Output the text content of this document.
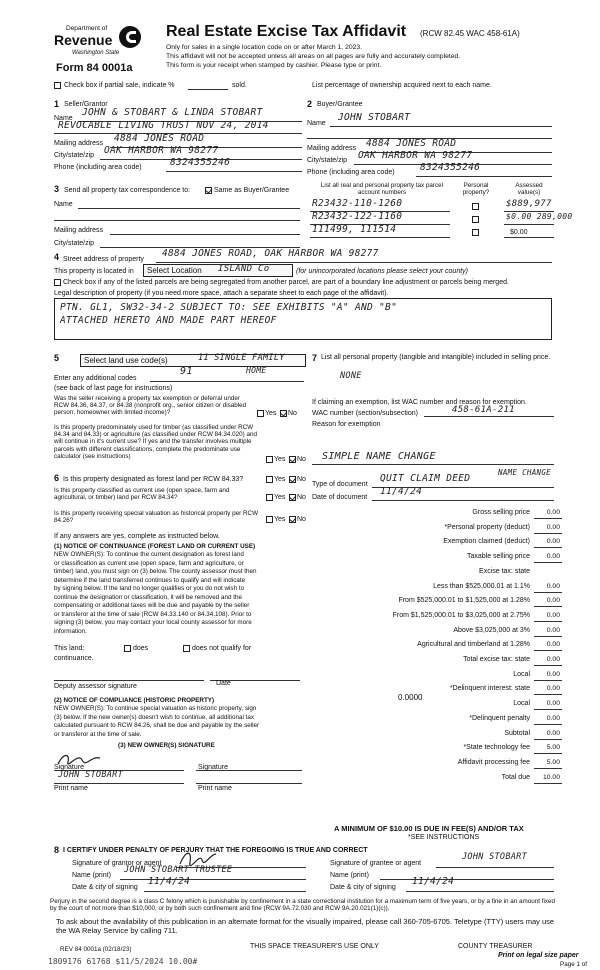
Department of
Revenue
Washington State
Form 84 0001a
Real Estate Excise Tax Affidavit (RCW 82.45 WAC 458-61A)
Only for sales in a single location code on or after March 1, 2023.
This affidavit will not be accepted unless all areas on all pages are fully and accurately completed.
This form is your receipt when stamped by cashier. Please type or print.
Check box if partial sale, indicate %	sold.	List percentage of ownership acquired next to each name.
1 Seller/Grantor
Name
JOHN & STOBART & LINDA STOBART
REVOCABLE LIVING TRUST NOV 24, 2014
Mailing address 4884 JONES ROAD
City/state/zip OAK HARBOR WA 98277
Phone (including area code)	8324355246
2 Buyer/Grantee
Name
JOHN STOBART
Mailing address 4884 JONES ROAD
City/state/zip OAK HARBOR WA 98277
Phone (including area code)	8324355246
3 Send all property tax correspondence to:	Same as Buyer/Grantee
Name
Mailing address
City/state/zip
List all real and personal property tax parcel account numbers
Personal property?
Assessed value(s)
R23432-110-1260	$889,977
R23432-122-1160	$0.00 289,000
111499, 111514	$0.00
4 Street address of property
4884 JONES ROAD, OAK HARBOR WA 98277
This property is located in Select Location ISLAND Co	(for unincorporated locations please select your county)
Check box if any of the listed parcels are being segregated from another parcel, are part of a boundary line adjustment or parcels being merged.
Legal description of property (if you need more space, attach a separate sheet to each page of the affidavit).
PTN. GL1, SW32-34-2 SUBJECT TO: SEE EXHIBITS "A" AND "B"
ATTACHED HERETO AND MADE PART HEREOF
5	Select land use code(s)	11 SINGLE FAMILY
91	HOME
Enter any additional codes
(see back of last page for instructions)
Was the seller receiving a property tax exemption or deferral under RCW 84.36, 84.37, or 84.38 (nonprofit org., senior citizen or disabled person, homeowner with limited income)?	Yes No
Is this property predominately used for timber (as classified under RCW 84.34 and 84.33) or agriculture (as classified under RCW 84.34.020) and will continue in it's current use? If yes and the transfer involves multiple parcels with different classifications, complete the predominate use calculator (see instructions)	Yes No
6 Is this property designated as forest land per RCW 84.33?	Yes No
Is this property classified as current use (open space, farm and agricultural, or timber) land per RCW 84.34?	Yes No
Is this property receiving special valuation as historical property per RCW 84.26?	Yes No
If any answers are yes, complete as instructed below.
(1) NOTICE OF CONTINUANCE (FOREST LAND OR CURRENT USE)
NEW OWNER(S): To continue the current designation as forest land
or classification as current use (open space, farm and agriculture, or
timber) land, you must sign on (3) below. The county assessor must then
determine if the land transferred continues to qualify and will indicate
by signing below. If the land no longer qualifies or you do not wish to
continue the designation or classification, it will be removed and the
compensating or additional taxes will be due and payable by the seller
or transferor at the time of sale (RCW 84.33.140 or 84.34.108). Prior to
signing (3) below, you may contact your local county assessor for more
information.
This land:	does	does not qualify for
continuance.
Deputy assessor signature	Date
(2) NOTICE OF COMPLIANCE (HISTORIC PROPERTY)
NEW OWNER(S): To continue special valuation as historic property, sign
(3) below. If the new owner(s) doesn't wish to continue, all additional tax
calculated pursuant to RCW 84.26, shall be due and payable by the seller
or transferor at the time of sale.
(3) NEW OWNER(S) SIGNATURE
Signature	Signature
JOHN STOBART
Print name	Print name
7 List all personal property (tangible and intangible) included in selling price.
NONE
If claiming an exemption, list WAC number and reason for exemption.
WAC number (section/subsection)	458-61A-211
Reason for exemption
SIMPLE NAME CHANGE
Type of document
QUIT CLAIM DEED
NAME CHANGE
Date of document
11/4/24
Gross selling price	0.00
*Personal property (deduct)	0.00
Exemption claimed (deduct)	0.00
Taxable selling price	0.00
Excise tax: state
Less than $525,000.01 at 1.1%	0.00
From $525,000.01 to $1,525,000 at 1.28%	0.00
From $1,525,000.01 to $3,025,000 at 2.75%	0.00
Above $3,025,000 at 3%	0.00
Agricultural and timberland at 1.28%	0.00
Total excise tax: state	0.00
Local	0.00
*Delinquent interest: state	0.00
Local	0.00
*Delinquent penalty	0.00
Subtotal	0.00
*State technology fee	5.00
Affidavit processing fee	5.00
Total due	10.00
0.0000
A MINIMUM OF $10.00 IS DUE IN FEE(S) AND/OR TAX
*SEE INSTRUCTIONS
8 I CERTIFY UNDER PENALTY OF PERJURY THAT THE FOREGOING IS TRUE AND CORRECT
Signature of grantor or agent
Name (print)
JOHN STOBART TRUSTEE
Date & city of signing
11/4/24
Signature of grantee or agent
JOHN STOBART
Name (print)
Date & city of signing
11/4/24
Perjury in the second degree is a class C felony which is punishable by confinement in a state correctional institution for a maximum term of five years, or by a fine in an amount fixed by the court of not more than $10,000, or by both such confinement and fine (RCW 9A.72.030 and RCW 9A.20.021(1)(c)).
To ask about the availability of this publication in an alternate format for the visually impaired, please call 360-705-6705. Teletype (TTY) users may use the WA Relay Service by calling 711.
REV 84 0001a (02/18/23)	THIS SPACE TREASURER'S USE ONLY	COUNTY TREASURER
Print on legal size paper
Page 1 of
1809176 61768 $11/5/2024 10.00#
